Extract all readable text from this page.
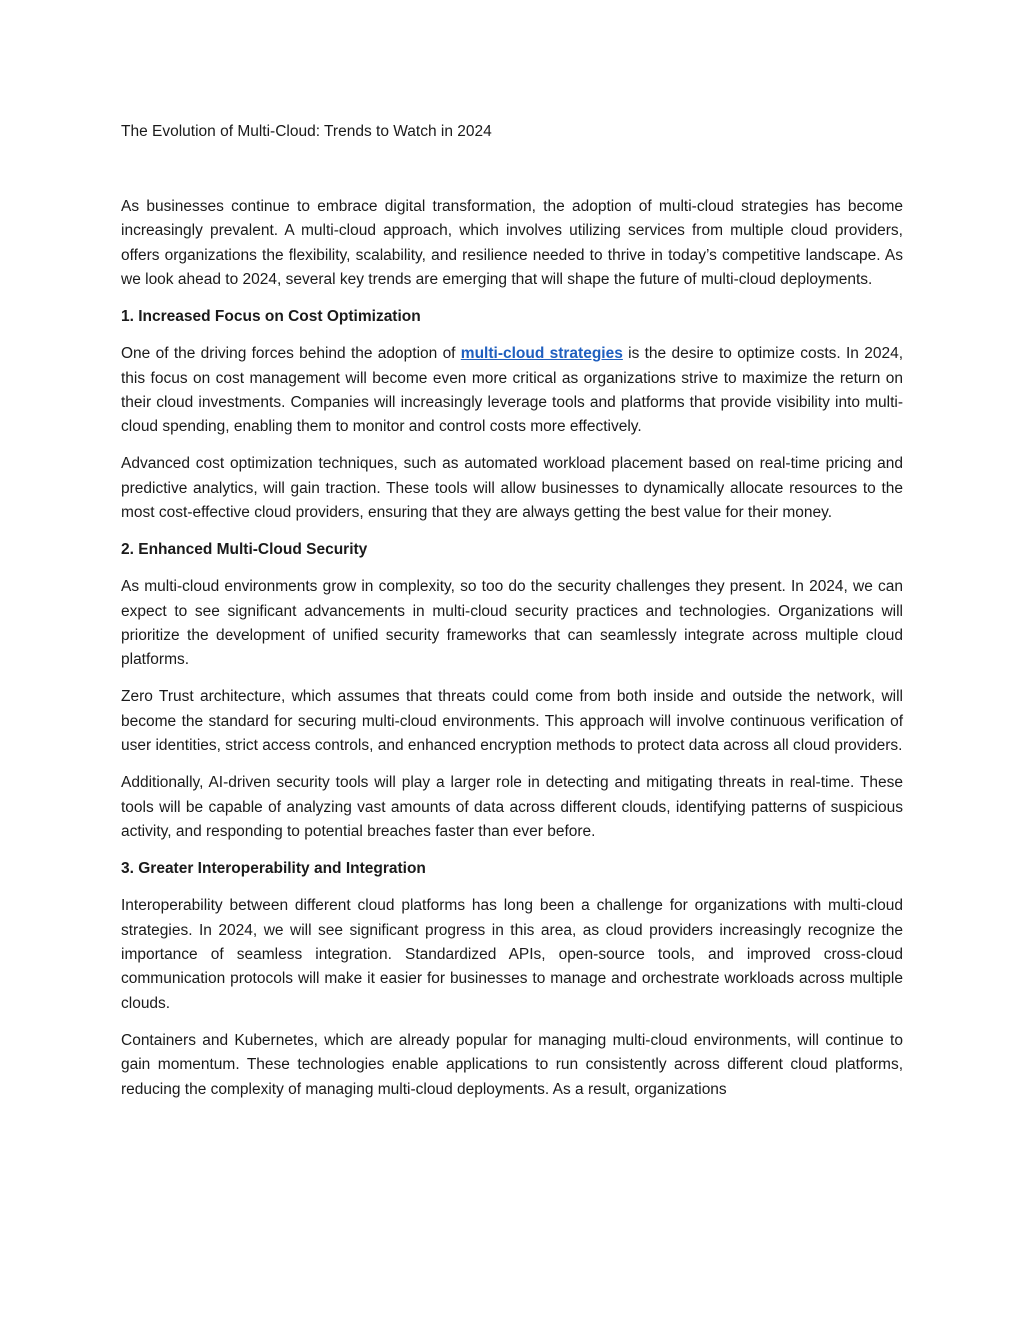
The Evolution of Multi-Cloud: Trends to Watch in 2024

As businesses continue to embrace digital transformation, the adoption of multi-cloud strategies has become increasingly prevalent. A multi-cloud approach, which involves utilizing services from multiple cloud providers, offers organizations the flexibility, scalability, and resilience needed to thrive in today’s competitive landscape. As we look ahead to 2024, several key trends are emerging that will shape the future of multi-cloud deployments.

1. Increased Focus on Cost Optimization

One of the driving forces behind the adoption of multi-cloud strategies is the desire to optimize costs. In 2024, this focus on cost management will become even more critical as organizations strive to maximize the return on their cloud investments. Companies will increasingly leverage tools and platforms that provide visibility into multi-cloud spending, enabling them to monitor and control costs more effectively.

Advanced cost optimization techniques, such as automated workload placement based on real-time pricing and predictive analytics, will gain traction. These tools will allow businesses to dynamically allocate resources to the most cost-effective cloud providers, ensuring that they are always getting the best value for their money.

2. Enhanced Multi-Cloud Security

As multi-cloud environments grow in complexity, so too do the security challenges they present. In 2024, we can expect to see significant advancements in multi-cloud security practices and technologies. Organizations will prioritize the development of unified security frameworks that can seamlessly integrate across multiple cloud platforms.

Zero Trust architecture, which assumes that threats could come from both inside and outside the network, will become the standard for securing multi-cloud environments. This approach will involve continuous verification of user identities, strict access controls, and enhanced encryption methods to protect data across all cloud providers.

Additionally, AI-driven security tools will play a larger role in detecting and mitigating threats in real-time. These tools will be capable of analyzing vast amounts of data across different clouds, identifying patterns of suspicious activity, and responding to potential breaches faster than ever before.

3. Greater Interoperability and Integration

Interoperability between different cloud platforms has long been a challenge for organizations with multi-cloud strategies. In 2024, we will see significant progress in this area, as cloud providers increasingly recognize the importance of seamless integration. Standardized APIs, open-source tools, and improved cross-cloud communication protocols will make it easier for businesses to manage and orchestrate workloads across multiple clouds.

Containers and Kubernetes, which are already popular for managing multi-cloud environments, will continue to gain momentum. These technologies enable applications to run consistently across different cloud platforms, reducing the complexity of managing multi-cloud deployments. As a result, organizations
